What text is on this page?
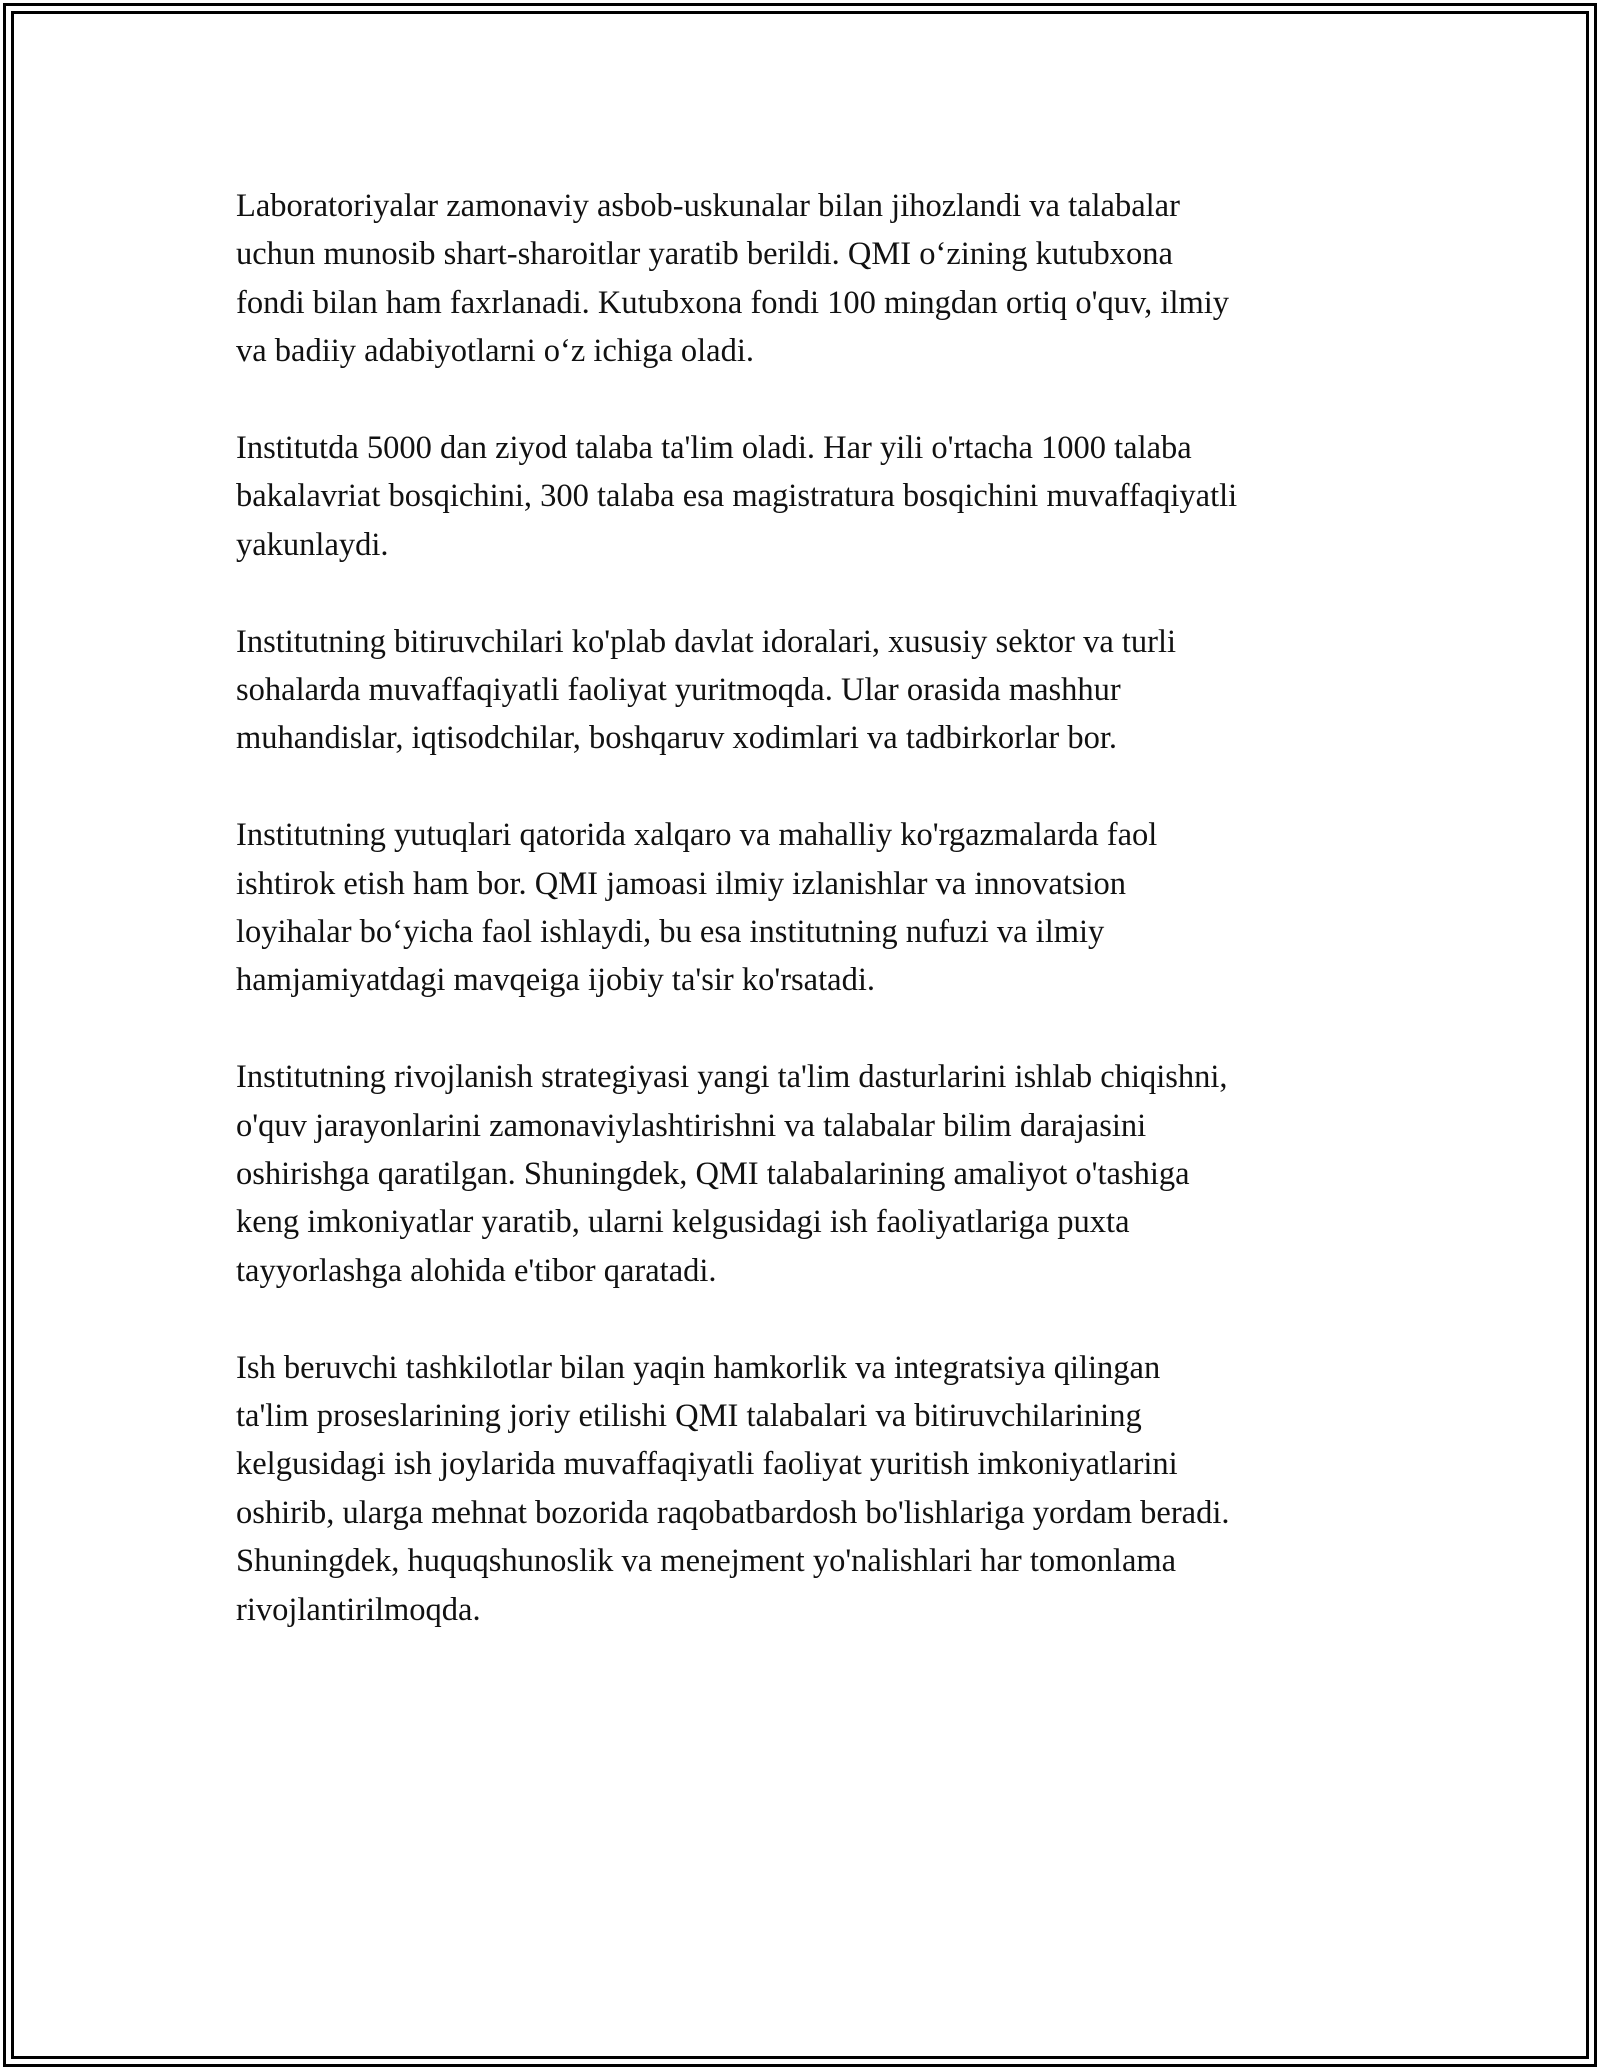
Laboratoriyalar zamonaviy asbob-uskunalar bilan jihozlandi va talabalar
uchun munosib shart-sharoitlar yaratib berildi. QMI o‘zining kutubxona
fondi bilan ham faxrlanadi. Kutubxona fondi 100 mingdan ortiq o'quv, ilmiy
va badiiy adabiyotlarni o‘z ichiga oladi.

Institutda 5000 dan ziyod talaba ta'lim oladi. Har yili o'rtacha 1000 talaba
bakalavriat bosqichini, 300 talaba esa magistratura bosqichini muvaffaqiyatli
yakunlaydi.

Institutning bitiruvchilari ko'plab davlat idoralari, xususiy sektor va turli
sohalarda muvaffaqiyatli faoliyat yuritmoqda. Ular orasida mashhur
muhandislar, iqtisodchilar, boshqaruv xodimlari va tadbirkorlar bor.

Institutning yutuqlari qatorida xalqaro va mahalliy ko'rgazmalarda faol
ishtirok etish ham bor. QMI jamoasi ilmiy izlanishlar va innovatsion
loyihalar bo‘yicha faol ishlaydi, bu esa institutning nufuzi va ilmiy
hamjamiyatdagi mavqeiga ijobiy ta'sir ko'rsatadi.

Institutning rivojlanish strategiyasi yangi ta'lim dasturlarini ishlab chiqishni,
o'quv jarayonlarini zamonaviylashtirishni va talabalar bilim darajasini
oshirishga qaratilgan. Shuningdek, QMI talabalarining amaliyot o'tashiga
keng imkoniyatlar yaratib, ularni kelgusidagi ish faoliyatlariga puxta
tayyorlashga alohida e'tibor qaratadi.

Ish beruvchi tashkilotlar bilan yaqin hamkorlik va integratsiya qilingan
ta'lim proseslarining joriy etilishi QMI talabalari va bitiruvchilarining
kelgusidagi ish joylarida muvaffaqiyatli faoliyat yuritish imkoniyatlarini
oshirib, ularga mehnat bozorida raqobatbardosh bo'lishlariga yordam beradi.
Shuningdek, huquqshunoslik va menejment yo'nalishlari har tomonlama
rivojlantirilmoqda.
